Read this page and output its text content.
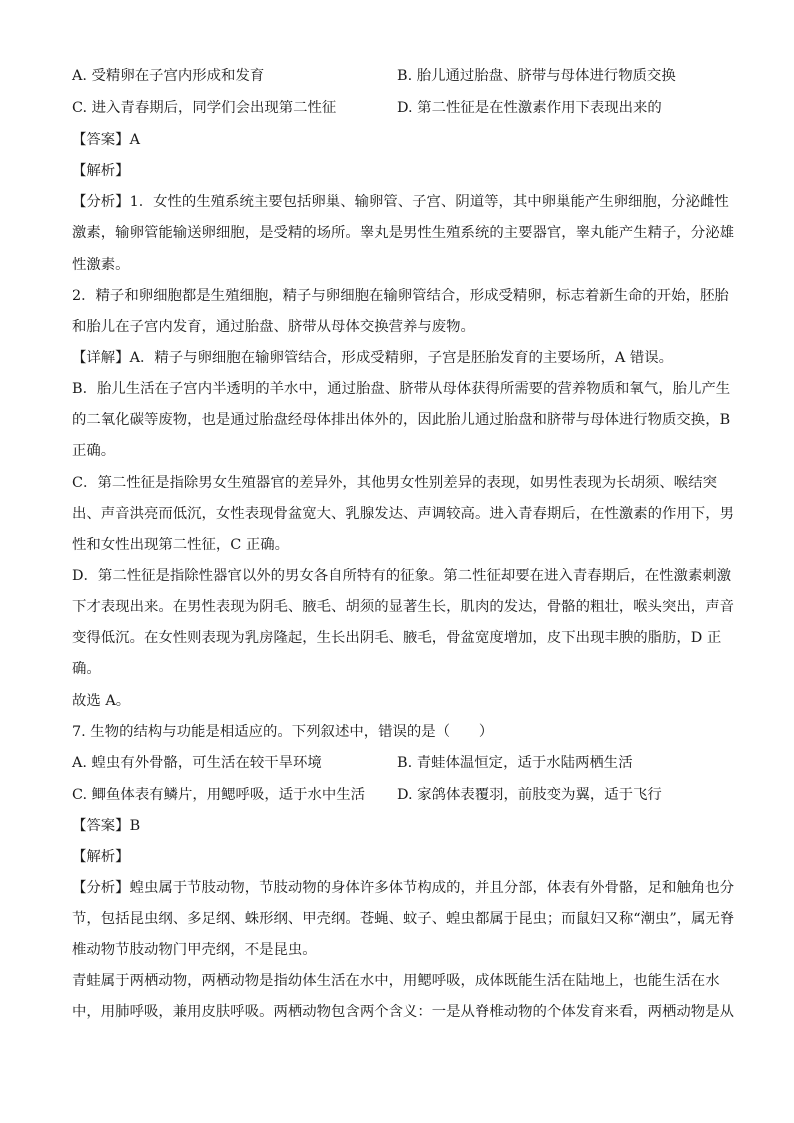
A. 受精卵在子宫内形成和发育	B. 胎儿通过胎盘、脐带与母体进行物质交换
C. 进入青春期后，同学们会出现第二性征	D. 第二性征是在性激素作用下表现出来的
【答案】A
【解析】
【分析】1．女性的生殖系统主要包括卵巢、输卵管、子宫、阴道等，其中卵巢能产生卵细胞，分泌雌性
激素，输卵管能输送卵细胞，是受精的场所。睾丸是男性生殖系统的主要器官，睾丸能产生精子，分泌雄
性激素。
2．精子和卵细胞都是生殖细胞，精子与卵细胞在输卵管结合，形成受精卵，标志着新生命的开始，胚胎
和胎儿在子宫内发育，通过胎盘、脐带从母体交换营养与废物。
【详解】A．精子与卵细胞在输卵管结合，形成受精卵，子宫是胚胎发育的主要场所，A 错误。
B．胎儿生活在子宫内半透明的羊水中，通过胎盘、脐带从母体获得所需要的营养物质和氧气，胎儿产生
的二氧化碳等废物，也是通过胎盘经母体排出体外的，因此胎儿通过胎盘和脐带与母体进行物质交换，B
正确。
C．第二性征是指除男女生殖器官的差异外，其他男女性别差异的表现，如男性表现为长胡须、喉结突
出、声音洪亮而低沉，女性表现骨盆宽大、乳腺发达、声调较高。进入青春期后，在性激素的作用下，男
性和女性出现第二性征，C 正确。
D．第二性征是指除性器官以外的男女各自所特有的征象。第二性征却要在进入青春期后，在性激素刺激
下才表现出来。在男性表现为阴毛、腋毛、胡须的显著生长，肌肉的发达，骨骼的粗壮，喉头突出，声音
变得低沉。在女性则表现为乳房隆起，生长出阴毛、腋毛，骨盆宽度增加，皮下出现丰腴的脂肪，D 正
确。
故选 A。
7. 生物的结构与功能是相适应的。下列叙述中，错误的是（　　）
A. 蝗虫有外骨骼，可生活在较干旱环境	B. 青蛙体温恒定，适于水陆两栖生活
C. 鲫鱼体表有鳞片，用鳃呼吸，适于水中生活 D. 家鸽体表覆羽，前肢变为翼，适于飞行
【答案】B
【解析】
【分析】蝗虫属于节肢动物，节肢动物的身体许多体节构成的，并且分部，体表有外骨骼，足和触角也分
节，包括昆虫纲、多足纲、蛛形纲、甲壳纲。苍蝇、蚊子、蝗虫都属于昆虫；而鼠妇又称“潮虫”，属无脊
椎动物节肢动物门甲壳纲，不是昆虫。
青蛙属于两栖动物，两栖动物是指幼体生活在水中，用鳃呼吸，成体既能生活在陆地上，也能生活在水
中，用肺呼吸，兼用皮肤呼吸。两栖动物包含两个含义：一是从脊椎动物的个体发育来看，两栖动物是从
